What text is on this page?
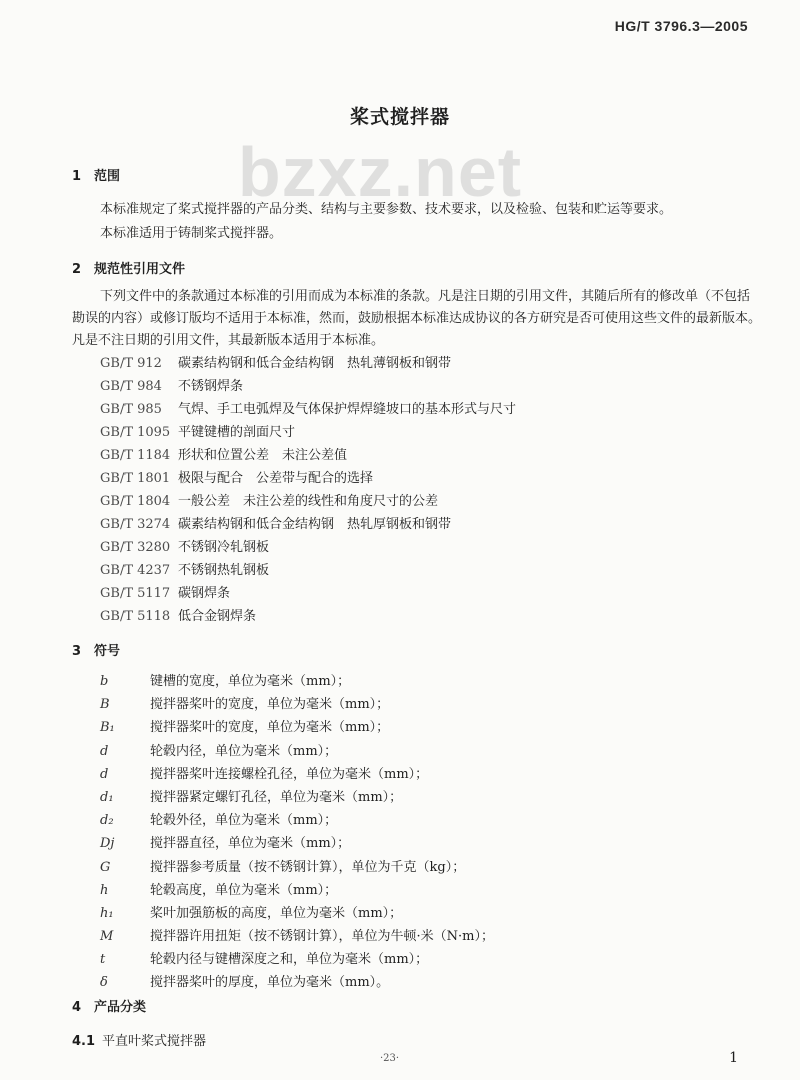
HG/T 3796.3—2005
桨式搅拌器
bzxz.net
1 范围
本标准规定了桨式搅拌器的产品分类、结构与主要参数、技术要求，以及检验、包装和贮运等要求。
本标准适用于铸制桨式搅拌器。
2 规范性引用文件
下列文件中的条款通过本标准的引用而成为本标准的条款。凡是注日期的引用文件，其随后所有的修改单（不包括勘误的内容）或修订版均不适用于本标准，然而，鼓励根据本标准达成协议的各方研究是否可使用这些文件的最新版本。凡是不注日期的引用文件，其最新版本适用于本标准。
GB/T 912 碳素结构钢和低合金结构钢　热轧薄钢板和钢带
GB/T 984 不锈钢焊条
GB/T 985 气焊、手工电弧焊及气体保护焊焊缝坡口的基本形式与尺寸
GB/T 1095 平键键槽的剖面尺寸
GB/T 1184 形状和位置公差　未注公差值
GB/T 1801 极限与配合　公差带与配合的选择
GB/T 1804 一般公差　未注公差的线性和角度尺寸的公差
GB/T 3274 碳素结构钢和低合金结构钢　热轧厚钢板和钢带
GB/T 3280 不锈钢冷轧钢板
GB/T 4237 不锈钢热轧钢板
GB/T 5117 碳钢焊条
GB/T 5118 低合金钢焊条
3 符号
b	键槽的宽度，单位为毫米（mm）；
B	搅拌器桨叶的宽度，单位为毫米（mm）；
B₁	搅拌器桨叶的宽度，单位为毫米（mm）；
d	轮毂内径，单位为毫米（mm）；
d	搅拌器桨叶连接螺栓孔径，单位为毫米（mm）；
d₁	搅拌器紧定螺钉孔径，单位为毫米（mm）；
d₂	轮毂外径，单位为毫米（mm）；
Dj	搅拌器直径，单位为毫米（mm）；
G	搅拌器参考质量（按不锈钢计算），单位为千克（kg）；
h	轮毂高度，单位为毫米（mm）；
h₁	桨叶加强筋板的高度，单位为毫米（mm）；
M	搅拌器许用扭矩（按不锈钢计算），单位为牛顿·米（N·m）；
t	轮毂内径与键槽深度之和，单位为毫米（mm）；
δ	搅拌器桨叶的厚度，单位为毫米（mm）。
4 产品分类
4.1 平直叶桨式搅拌器
·23·	1
